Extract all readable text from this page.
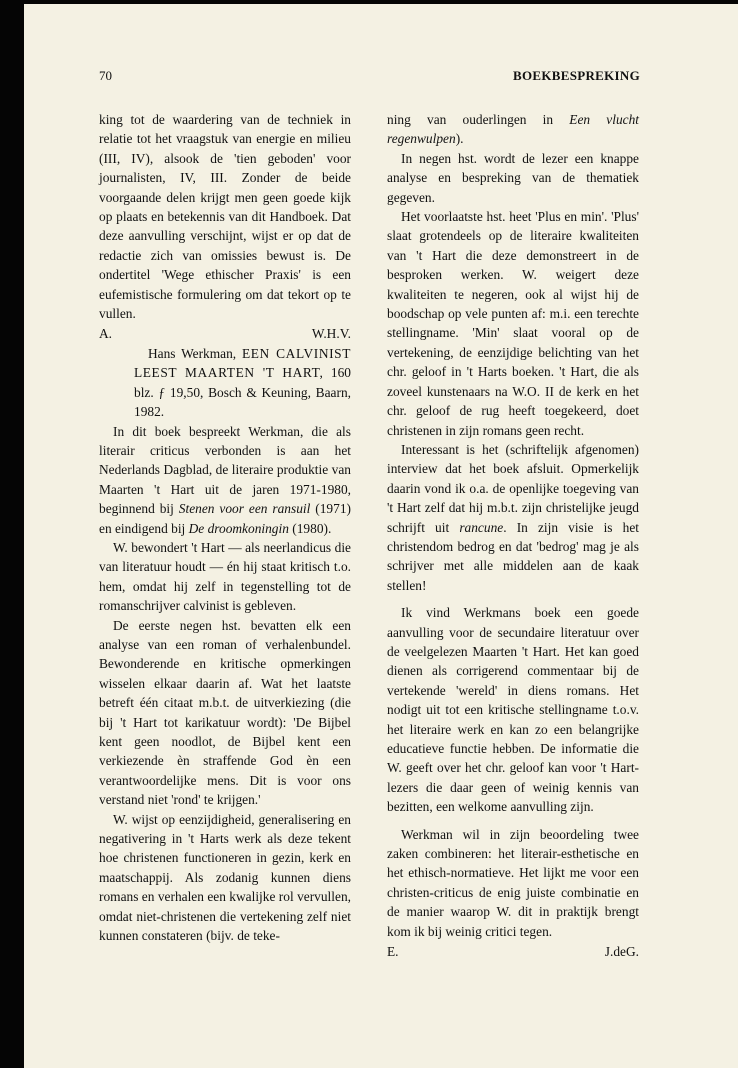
70	BOEKBESPREKING

king tot de waardering van de techniek in relatie tot het vraagstuk van energie en milieu (III, IV), alsook de 'tien geboden' voor journalisten, IV, III. Zonder de beide voorgaande delen krijgt men geen goede kijk op plaats en betekennis van dit Handboek. Dat deze aanvulling verschijnt, wijst er op dat de redactie zich van omissies bewust is. De ondertitel 'Wege ethischer Praxis' is een eufemistische formulering om dat tekort op te vullen.

A.	W.H.V.

Hans Werkman, EEN CALVINIST LEEST MAARTEN 'T HART, 160 blz. ƒ 19,50, Bosch & Keuning, Baarn, 1982.

In dit boek bespreekt Werkman, die als literair criticus verbonden is aan het Nederlands Dagblad, de literaire produktie van Maarten 't Hart uit de jaren 1971-1980, beginnend bij Stenen voor een ransuil (1971) en eindigend bij De droomkoningin (1980).

W. bewondert 't Hart — als neerlandicus die van literatuur houdt — én hij staat kritisch t.o. hem, omdat hij zelf in tegenstelling tot de romanschrijver calvinist is gebleven.

De eerste negen hst. bevatten elk een analyse van een roman of verhalenbundel. Bewonderende en kritische opmerkingen wisselen elkaar daarin af. Wat het laatste betreft één citaat m.b.t. de uitverkiezing (die bij 't Hart tot karikatuur wordt): 'De Bijbel kent geen noodlot, de Bijbel kent een verkiezende èn straffende God èn een verantwoordelijke mens. Dit is voor ons verstand niet 'rond' te krijgen.'

W. wijst op eenzijdigheid, generalisering en negativering in 't Harts werk als deze tekent hoe christenen functioneren in gezin, kerk en maatschappij. Als zodanig kunnen diens romans en verhalen een kwalijke rol vervullen, omdat niet-christenen die vertekening zelf niet kunnen constateren (bijv. de teke-

ning van ouderlingen in Een vlucht regenwulpen).

In negen hst. wordt de lezer een knappe analyse en bespreking van de thematiek gegeven.

Het voorlaatste hst. heet 'Plus en min'. 'Plus' slaat grotendeels op de literaire kwaliteiten van 't Hart die deze demonstreert in de besproken werken. W. weigert deze kwaliteiten te negeren, ook al wijst hij de boodschap op vele punten af: m.i. een terechte stellingname. 'Min' slaat vooral op de vertekening, de eenzijdige belichting van het chr. geloof in 't Harts boeken. 't Hart, die als zoveel kunstenaars na W.O. II de kerk en het chr. geloof de rug heeft toegekeerd, doet christenen in zijn romans geen recht.

Interessant is het (schriftelijk afgenomen) interview dat het boek afsluit. Opmerkelijk daarin vond ik o.a. de openlijke toegeving van 't Hart zelf dat hij m.b.t. zijn christelijke jeugd schrijft uit rancune. In zijn visie is het christendom bedrog en dat 'bedrog' mag je als schrijver met alle middelen aan de kaak stellen!

Ik vind Werkmans boek een goede aanvulling voor de secundaire literatuur over de veelgelezen Maarten 't Hart. Het kan goed dienen als corrigerend commentaar bij de vertekende 'wereld' in diens romans. Het nodigt uit tot een kritische stellingname t.o.v. het literaire werk en kan zo een belangrijke educatieve functie hebben. De informatie die W. geeft over het chr. geloof kan voor 't Hart-lezers die daar geen of weinig kennis van bezitten, een welkome aanvulling zijn.

Werkman wil in zijn beoordeling twee zaken combineren: het literair-esthetische en het ethisch-normatieve. Het lijkt me voor een christen-criticus de enig juiste combinatie en de manier waarop W. dit in praktijk brengt kom ik bij weinig critici tegen.

E.	J.deG.
